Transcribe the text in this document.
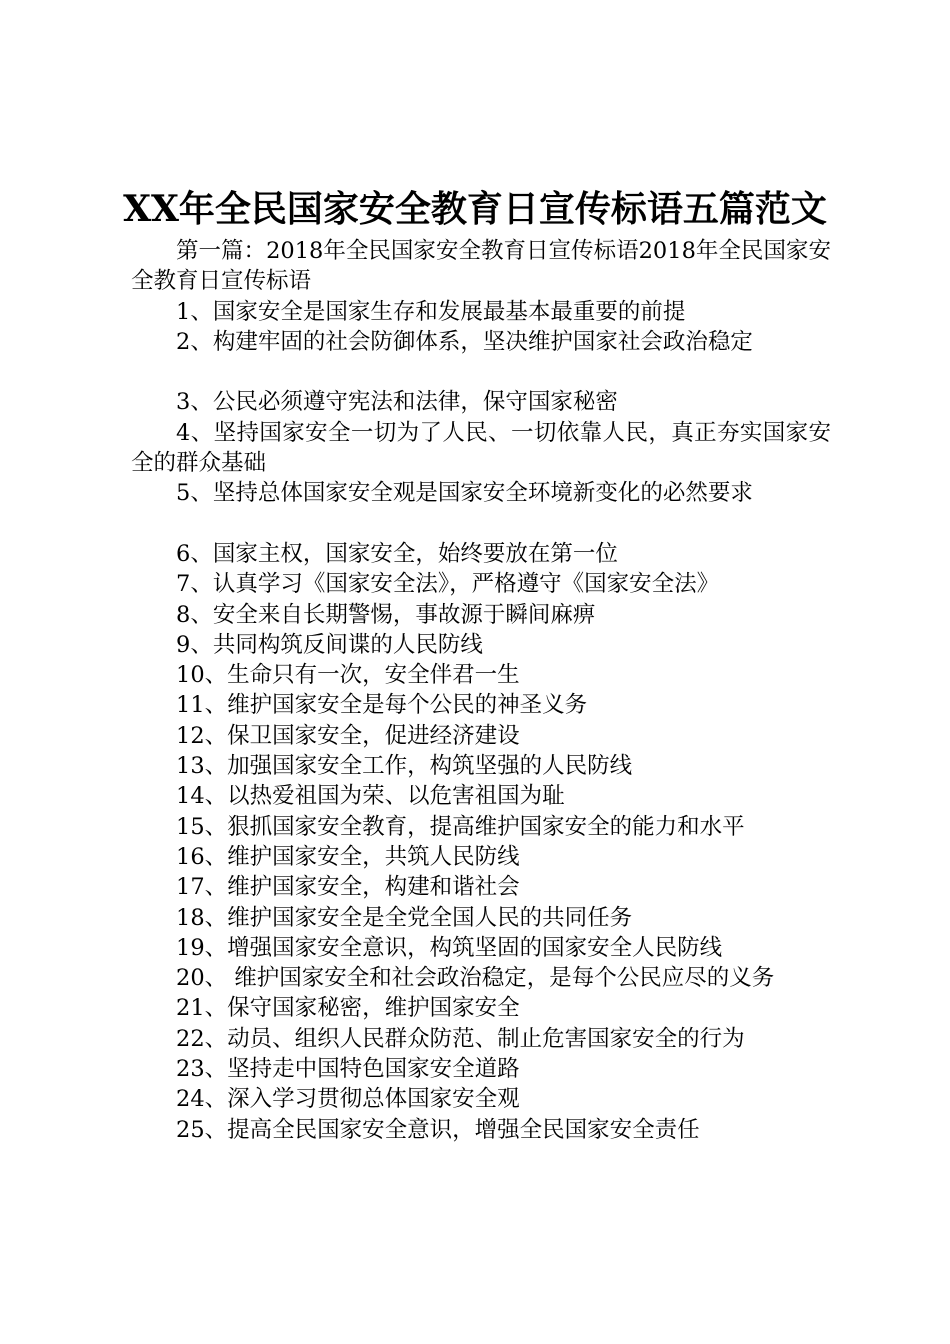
XX年全民国家安全教育日宣传标语五篇范文

第一篇：2018年全民国家安全教育日宣传标语2018年全民国家安全教育日宣传标语

1、国家安全是国家生存和发展最基本最重要的前提

2、构建牢固的社会防御体系，坚决维护国家社会政治稳定

3、公民必须遵守宪法和法律，保守国家秘密

4、坚持国家安全一切为了人民、一切依靠人民，真正夯实国家安全的群众基础

5、坚持总体国家安全观是国家安全环境新变化的必然要求

6、国家主权，国家安全，始终要放在第一位

7、认真学习《国家安全法》，严格遵守《国家安全法》

8、安全来自长期警惕，事故源于瞬间麻痹

9、共同构筑反间谍的人民防线

10、生命只有一次，安全伴君一生

11、维护国家安全是每个公民的神圣义务

12、保卫国家安全，促进经济建设

13、加强国家安全工作，构筑坚强的人民防线

14、以热爱祖国为荣、以危害祖国为耻

15、狠抓国家安全教育，提高维护国家安全的能力和水平

16、维护国家安全，共筑人民防线

17、维护国家安全，构建和谐社会

18、维护国家安全是全党全国人民的共同任务

19、增强国家安全意识，构筑坚固的国家安全人民防线

20、 维护国家安全和社会政治稳定，是每个公民应尽的义务

21、保守国家秘密，维护国家安全

22、动员、组织人民群众防范、制止危害国家安全的行为

23、坚持走中国特色国家安全道路

24、深入学习贯彻总体国家安全观

25、提高全民国家安全意识，增强全民国家安全责任
